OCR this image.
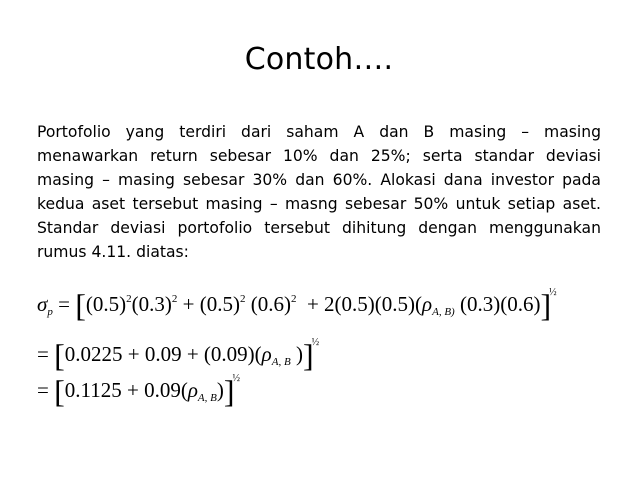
Contoh….
Portofolio yang terdiri dari saham A dan B masing – masing menawarkan return sebesar 10% dan 25%; serta standar deviasi masing – masing sebesar 30% dan 60%. Alokasi dana investor pada kedua aset tersebut masing – masng sebesar 50% untuk setiap aset. Standar deviasi portofolio tersebut dihitung dengan menggunakan rumus 4.11. diatas:
$\sigma_p = [(0.5)^2(0.3)^2 + (0.5)^2$ $(0.6)^2 + 2(0.5)(0.5)(\rho_{A, B)}$ (0.3)(0.6)]$^{\frac{1}{2}}$
= [$0.0225 + 0.09 + (0.09)(\rho_{A, B}$ )]$^{\frac{1}{2}}$
= $[0.1125 + 0.09(\rho_{A, B})]^{\frac{1}{2}}$
